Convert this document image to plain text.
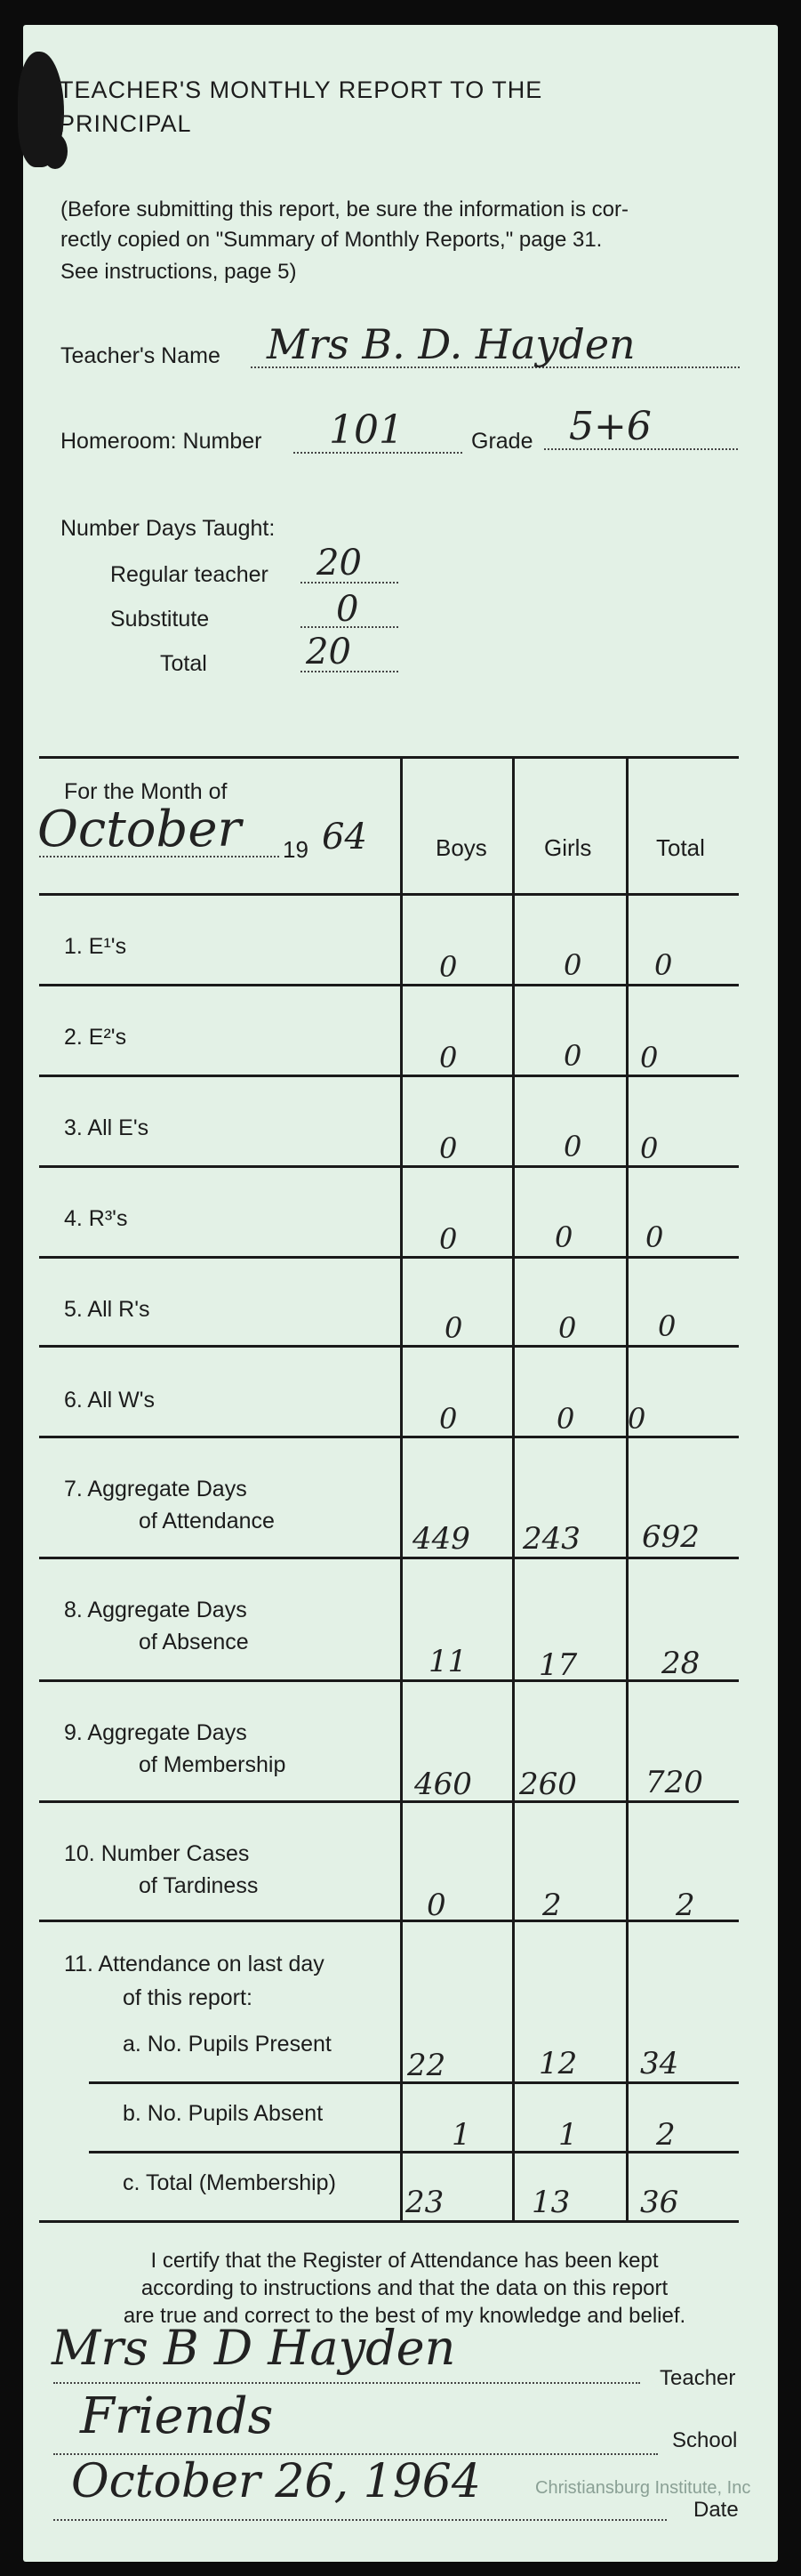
TEACHER'S MONTHLY REPORT TO THE
PRINCIPAL
(Before submitting this report, be sure the information is cor-
rectly copied on "Summary of Monthly Reports," page 31.
See instructions, page 5)
Teacher's Name Mrs B. D. Hayden
Homeroom: Number 101	Grade 5+6
Number Days Taught:
Regular teacher 20
Substitute	0
Total	20
For the Month of
October 19 64	Boys Girls	Total
1. E¹'s
0	0	0
2. E²'s
0	0 0
3. All E's
0	0 0
4. R³'s
0	0	0
5. All R's
0	0	0
6. All W's
0	0 0
7. Aggregate Days
of Attendance	449 243 692
8. Aggregate Days
of Absence
11 17	28
9. Aggregate Days
of Membership
460 260 720
10. Number Cases
of Tardiness
0	2	2
11. Attendance on last day
of this report:
a. No. Pupils Present
22	12 34
b. No. Pupils Absent
1	1	2
c. Total (Membership)
23	13 36
I certify that the Register of Attendance has been kept
according to instructions and that the data on this report
are true and correct to the best of my knowledge and belief.
Mrs B D Hayden
Teacher
Friends	School
October 26, 1964
Date
Christiansburg Institute, Inc
